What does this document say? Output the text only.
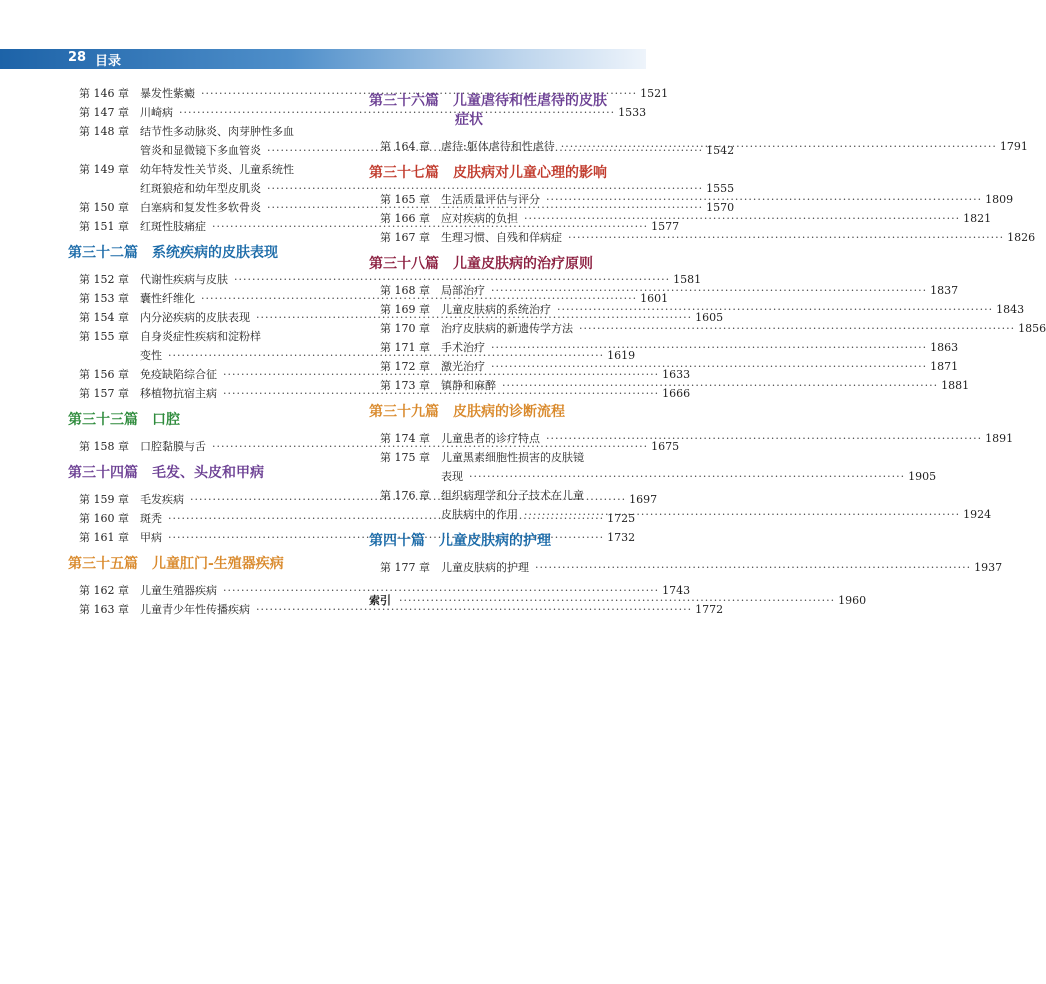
28 目录
第 146 章	暴发性紫癜 ·····	1521
第 147 章	川崎病 ·····	1533
第 148 章	结节性多动脉炎、肉芽肿性多血
管炎和显微镜下多血管炎 ·····	1542
第 149 章	幼年特发性关节炎、儿童系统性
红斑狼疮和幼年型皮肌炎 ·····	1555
第 150 章	白塞病和复发性多软骨炎 ·····	1570
第 151 章	红斑性肢痛症 ·····	1577
第三十二篇 系统疾病的皮肤表现
第 152 章	代谢性疾病与皮肤 ·····	1581
第 153 章	囊性纤维化 ·····	1601
第 154 章	内分泌疾病的皮肤表现 ·····	1605
第 155 章	自身炎症性疾病和淀粉样
变性 ·····	1619
第 156 章	免疫缺陷综合征 ·····	1633
第 157 章	移植物抗宿主病 ·····	1666
第三十三篇 口腔
第 158 章	口腔黏膜与舌 ·····	1675
第三十四篇 毛发、头皮和甲病
第 159 章	毛发疾病 ·····	1697
第 160 章	斑秃 ·····	1725
第 161 章	甲病 ·····	1732
第三十五篇 儿童肛门-生殖器疾病
第 162 章	儿童生殖器疾病 ·····	1743
第 163 章	儿童青少年性传播疾病 ·····	1772
第三十六篇 儿童虐待和性虐待的皮肤
症状
第 164 章	虐待:躯体虐待和性虐待 ·····	1791
第三十七篇 皮肤病对儿童心理的影响
第 165 章	生活质量评估与评分 ·····	1809
第 166 章	应对疾病的负担 ·····	1821
第 167 章	生理习惯、自残和佯病症 ·····	1826
第三十八篇 儿童皮肤病的治疗原则
第 168 章	局部治疗 ·····	1837
第 169 章	儿童皮肤病的系统治疗 ·····	1843
第 170 章	治疗皮肤病的新遗传学方法 ·····	1856
第 171 章	手术治疗 ·····	1863
第 172 章	激光治疗 ·····	1871
第 173 章	镇静和麻醉 ·····	1881
第三十九篇 皮肤病的诊断流程
第 174 章	儿童患者的诊疗特点 ·····	1891
第 175 章	儿童黑素细胞性损害的皮肤镜
表现 ·····	1905
第 176 章	组织病理学和分子技术在儿童
皮肤病中的作用 ·····	1924
第四十篇 儿童皮肤病的护理
第 177 章	儿童皮肤病的护理 ·····	1937
索引 ·····	1960
